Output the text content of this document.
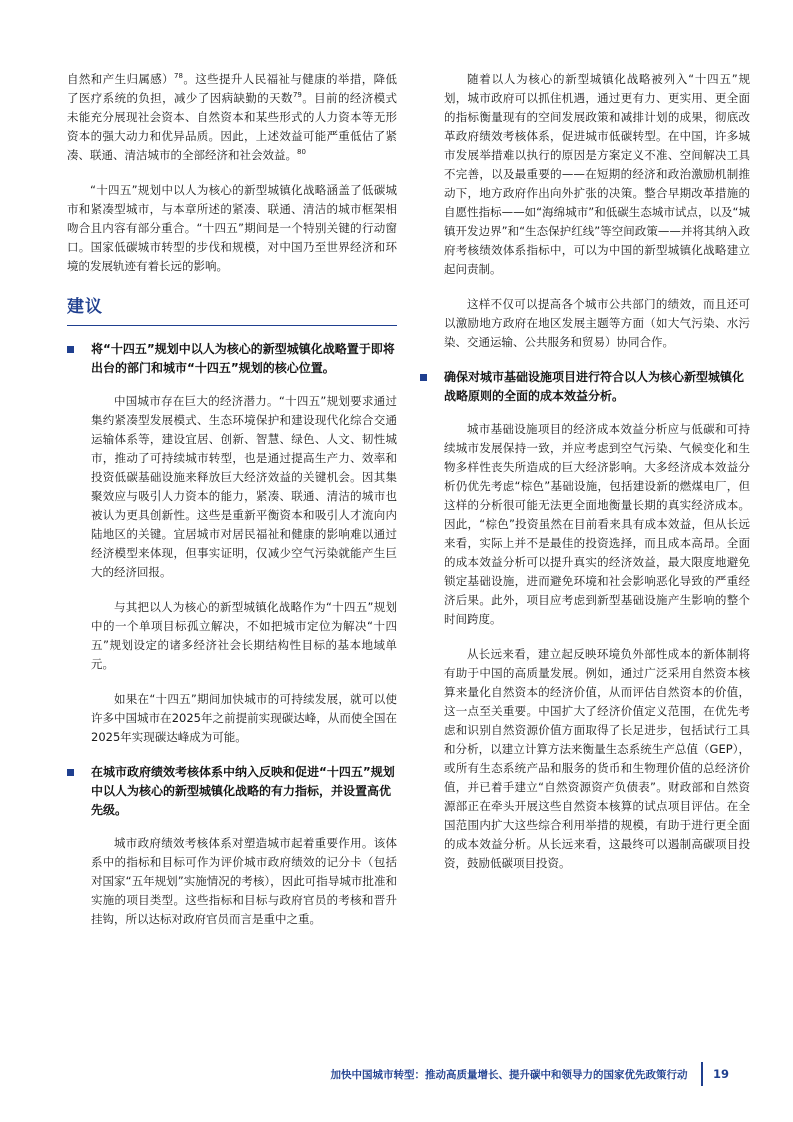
自然和产生归属感）$^{78}$。这些提升人民福祉与健康的举措，降低了医疗系统的负担，减少了因病缺勤的天数$^{79}$。目前的经济模式未能充分展现社会资本、自然资本和某些形式的人力资本等无形资本的强大动力和优异品质。因此，上述效益可能严重低估了紧凑、联通、清洁城市的全部经济和社会效益。$^{80}$

“十四五”规划中以人为核心的新型城镇化战略涵盖了低碳城市和紧凑型城市，与本章所述的紧凑、联通、清洁的城市框架相吻合且内容有部分重合。“十四五”期间是一个特别关键的行动窗口。国家低碳城市转型的步伐和规模，对中国乃至世界经济和环境的发展轨迹有着长远的影响。

建议
将“十四五”规划中以人为核心的新型城镇化战略置于即将出台的部门和城市“十四五”规划的核心位置。

中国城市存在巨大的经济潜力。“十四五”规划要求通过集约紧凑型发展模式、生态环境保护和建设现代化综合交通运输体系等，建设宜居、创新、智慧、绿色、人文、韧性城市，推动了可持续城市转型，也是通过提高生产力、效率和投资低碳基础设施来释放巨大经济效益的关键机会。因其集聚效应与吸引人力资本的能力，紧凑、联通、清洁的城市也被认为更具创新性。这些是重新平衡资本和吸引人才流向内陆地区的关键。宜居城市对居民福祉和健康的影响难以通过经济模型来体现，但事实证明，仅减少空气污染就能产生巨大的经济回报。

与其把以人为核心的新型城镇化战略作为“十四五”规划中的一个单项目标孤立解决，不如把城市定位为解决“十四五”规划设定的诸多经济社会长期结构性目标的基本地域单元。

如果在“十四五”期间加快城市的可持续发展，就可以使许多中国城市在2025年之前提前实现碳达峰，从而使全国在2025年实现碳达峰成为可能。

在城市政府绩效考核体系中纳入反映和促进“十四五”规划中以人为核心的新型城镇化战略的有力指标，并设置高优先级。

城市政府绩效考核体系对塑造城市起着重要作用。该体系中的指标和目标可作为评价城市政府绩效的记分卡（包括对国家“五年规划”实施情况的考核），因此可指导城市批准和实施的项目类型。这些指标和目标与政府官员的考核和晋升挂钩，所以达标对政府官员而言是重中之重。

随着以人为核心的新型城镇化战略被列入“十四五”规划，城市政府可以抓住机遇，通过更有力、更实用、更全面的指标衡量现有的空间发展政策和减排计划的成果，彻底改革政府绩效考核体系，促进城市低碳转型。在中国，许多城市发展举措难以执行的原因是方案定义不准、空间解决工具不完善，以及最重要的——在短期的经济和政治激励机制推动下，地方政府作出向外扩张的决策。整合早期改革措施的自愿性指标——如“海绵城市”和低碳生态城市试点，以及“城镇开发边界”和“生态保护红线”等空间政策——并将其纳入政府考核绩效体系指标中，可以为中国的新型城镇化战略建立起问责制。

这样不仅可以提高各个城市公共部门的绩效，而且还可以激励地方政府在地区发展主题等方面（如大气污染、水污染、交通运输、公共服务和贸易）协同合作。

确保对城市基础设施项目进行符合以人为核心新型城镇化战略原则的全面的成本效益分析。

城市基础设施项目的经济成本效益分析应与低碳和可持续城市发展保持一致，并应考虑到空气污染、气候变化和生物多样性丧失所造成的巨大经济影响。大多经济成本效益分析仍优先考虑“棕色”基础设施，包括建设新的燃煤电厂，但这样的分析很可能无法更全面地衡量长期的真实经济成本。因此，“棕色”投资虽然在目前看来具有成本效益，但从长远来看，实际上并不是最佳的投资选择，而且成本高昂。全面的成本效益分析可以提升真实的经济效益，最大限度地避免锁定基础设施，进而避免环境和社会影响恶化导致的严重经济后果。此外，项目应考虑到新型基础设施产生影响的整个时间跨度。

从长远来看，建立起反映环境负外部性成本的新体制将有助于中国的高质量发展。例如，通过广泛采用自然资本核算来量化自然资本的经济价值，从而评估自然资本的价值，这一点至关重要。中国扩大了经济价值定义范围，在优先考虑和识别自然资源价值方面取得了长足进步，包括试行工具和分析，以建立计算方法来衡量生态系统生产总值（GEP），或所有生态系统产品和服务的货币和生物理价值的总经济价值，并已着手建立“自然资源资产负债表”。财政部和自然资源部正在牵头开展这些自然资本核算的试点项目评估。在全国范围内扩大这些综合利用举措的规模，有助于进行更全面的成本效益分析。从长远来看，这最终可以遏制高碳项目投资，鼓励低碳项目投资。

加快中国城市转型：推动高质量增长、提升碳中和领导力的国家优先政策行动 19
